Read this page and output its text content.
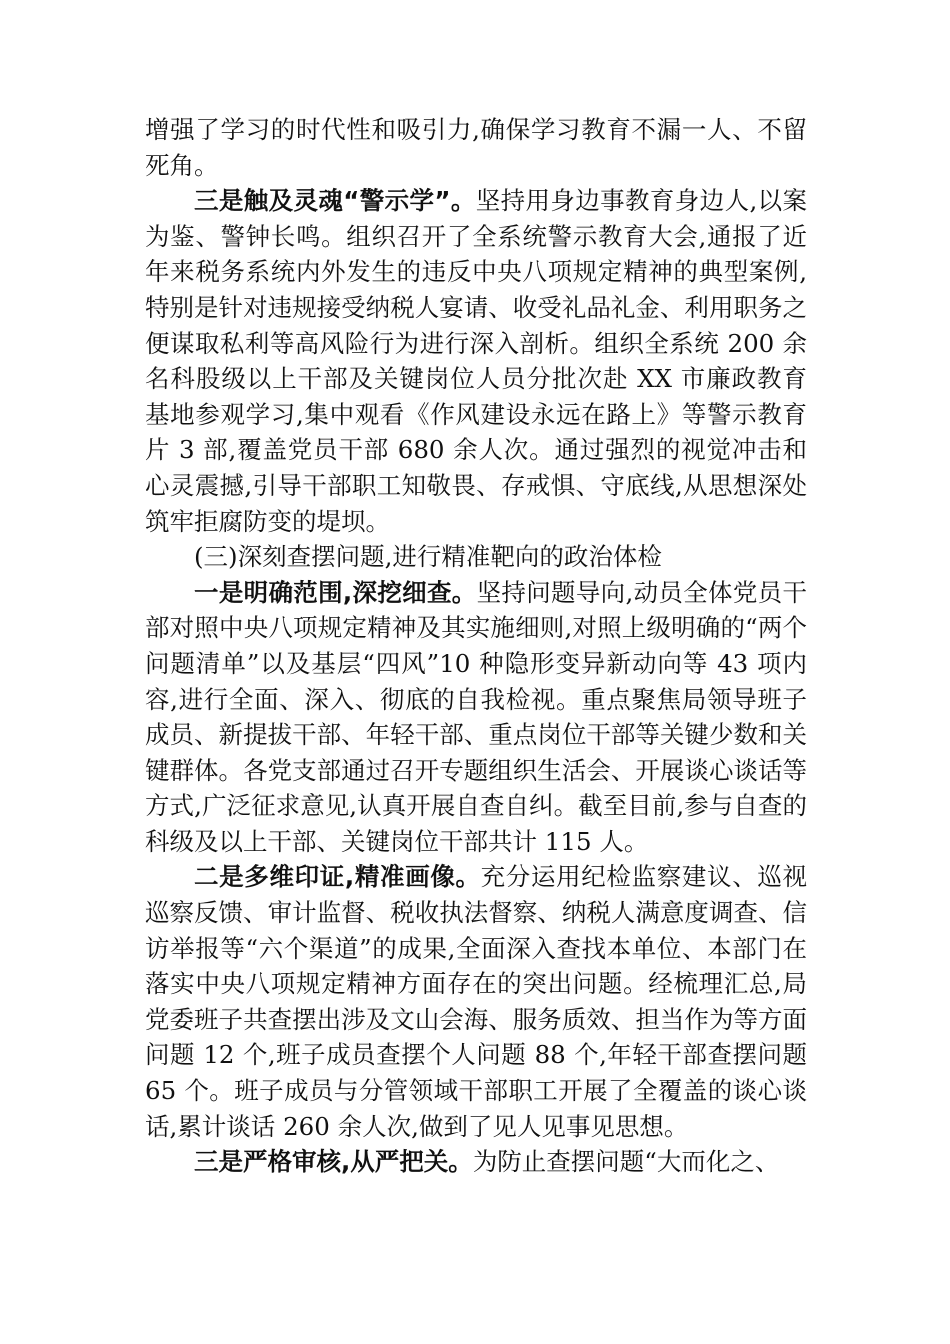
增强了学习的时代性和吸引力,确保学习教育不漏一人、不留死角。

三是触及灵魂“警示学”。坚持用身边事教育身边人,以案为鉴、警钟长鸣。组织召开了全系统警示教育大会,通报了近年来税务系统内外发生的违反中央八项规定精神的典型案例,特别是针对违规接受纳税人宴请、收受礼品礼金、利用职务之便谋取私利等高风险行为进行深入剖析。组织全系统 200 余名科股级以上干部及关键岗位人员分批次赴 XX 市廉政教育基地参观学习,集中观看《作风建设永远在路上》等警示教育片 3 部,覆盖党员干部 680 余人次。通过强烈的视觉冲击和心灵震撼,引导干部职工知敬畏、存戒惧、守底线,从思想深处筑牢拒腐防变的堤坝。

(三)深刻查摆问题,进行精准靶向的政治体检

一是明确范围,深挖细查。坚持问题导向,动员全体党员干部对照中央八项规定精神及其实施细则,对照上级明确的“两个问题清单”以及基层“四风”10 种隐形变异新动向等 43 项内容,进行全面、深入、彻底的自我检视。重点聚焦局领导班子成员、新提拔干部、年轻干部、重点岗位干部等关键少数和关键群体。各党支部通过召开专题组织生活会、开展谈心谈话等方式,广泛征求意见,认真开展自查自纠。截至目前,参与自查的科级及以上干部、关键岗位干部共计 115 人。

二是多维印证,精准画像。充分运用纪检监察建议、巡视巡察反馈、审计监督、税收执法督察、纳税人满意度调查、信访举报等“六个渠道”的成果,全面深入查找本单位、本部门在落实中央八项规定精神方面存在的突出问题。经梳理汇总,局党委班子共查摆出涉及文山会海、服务质效、担当作为等方面问题 12 个,班子成员查摆个人问题 88 个,年轻干部查摆问题 65 个。班子成员与分管领域干部职工开展了全覆盖的谈心谈话,累计谈话 260 余人次,做到了见人见事见思想。

三是严格审核,从严把关。为防止查摆问题“大而化之、
